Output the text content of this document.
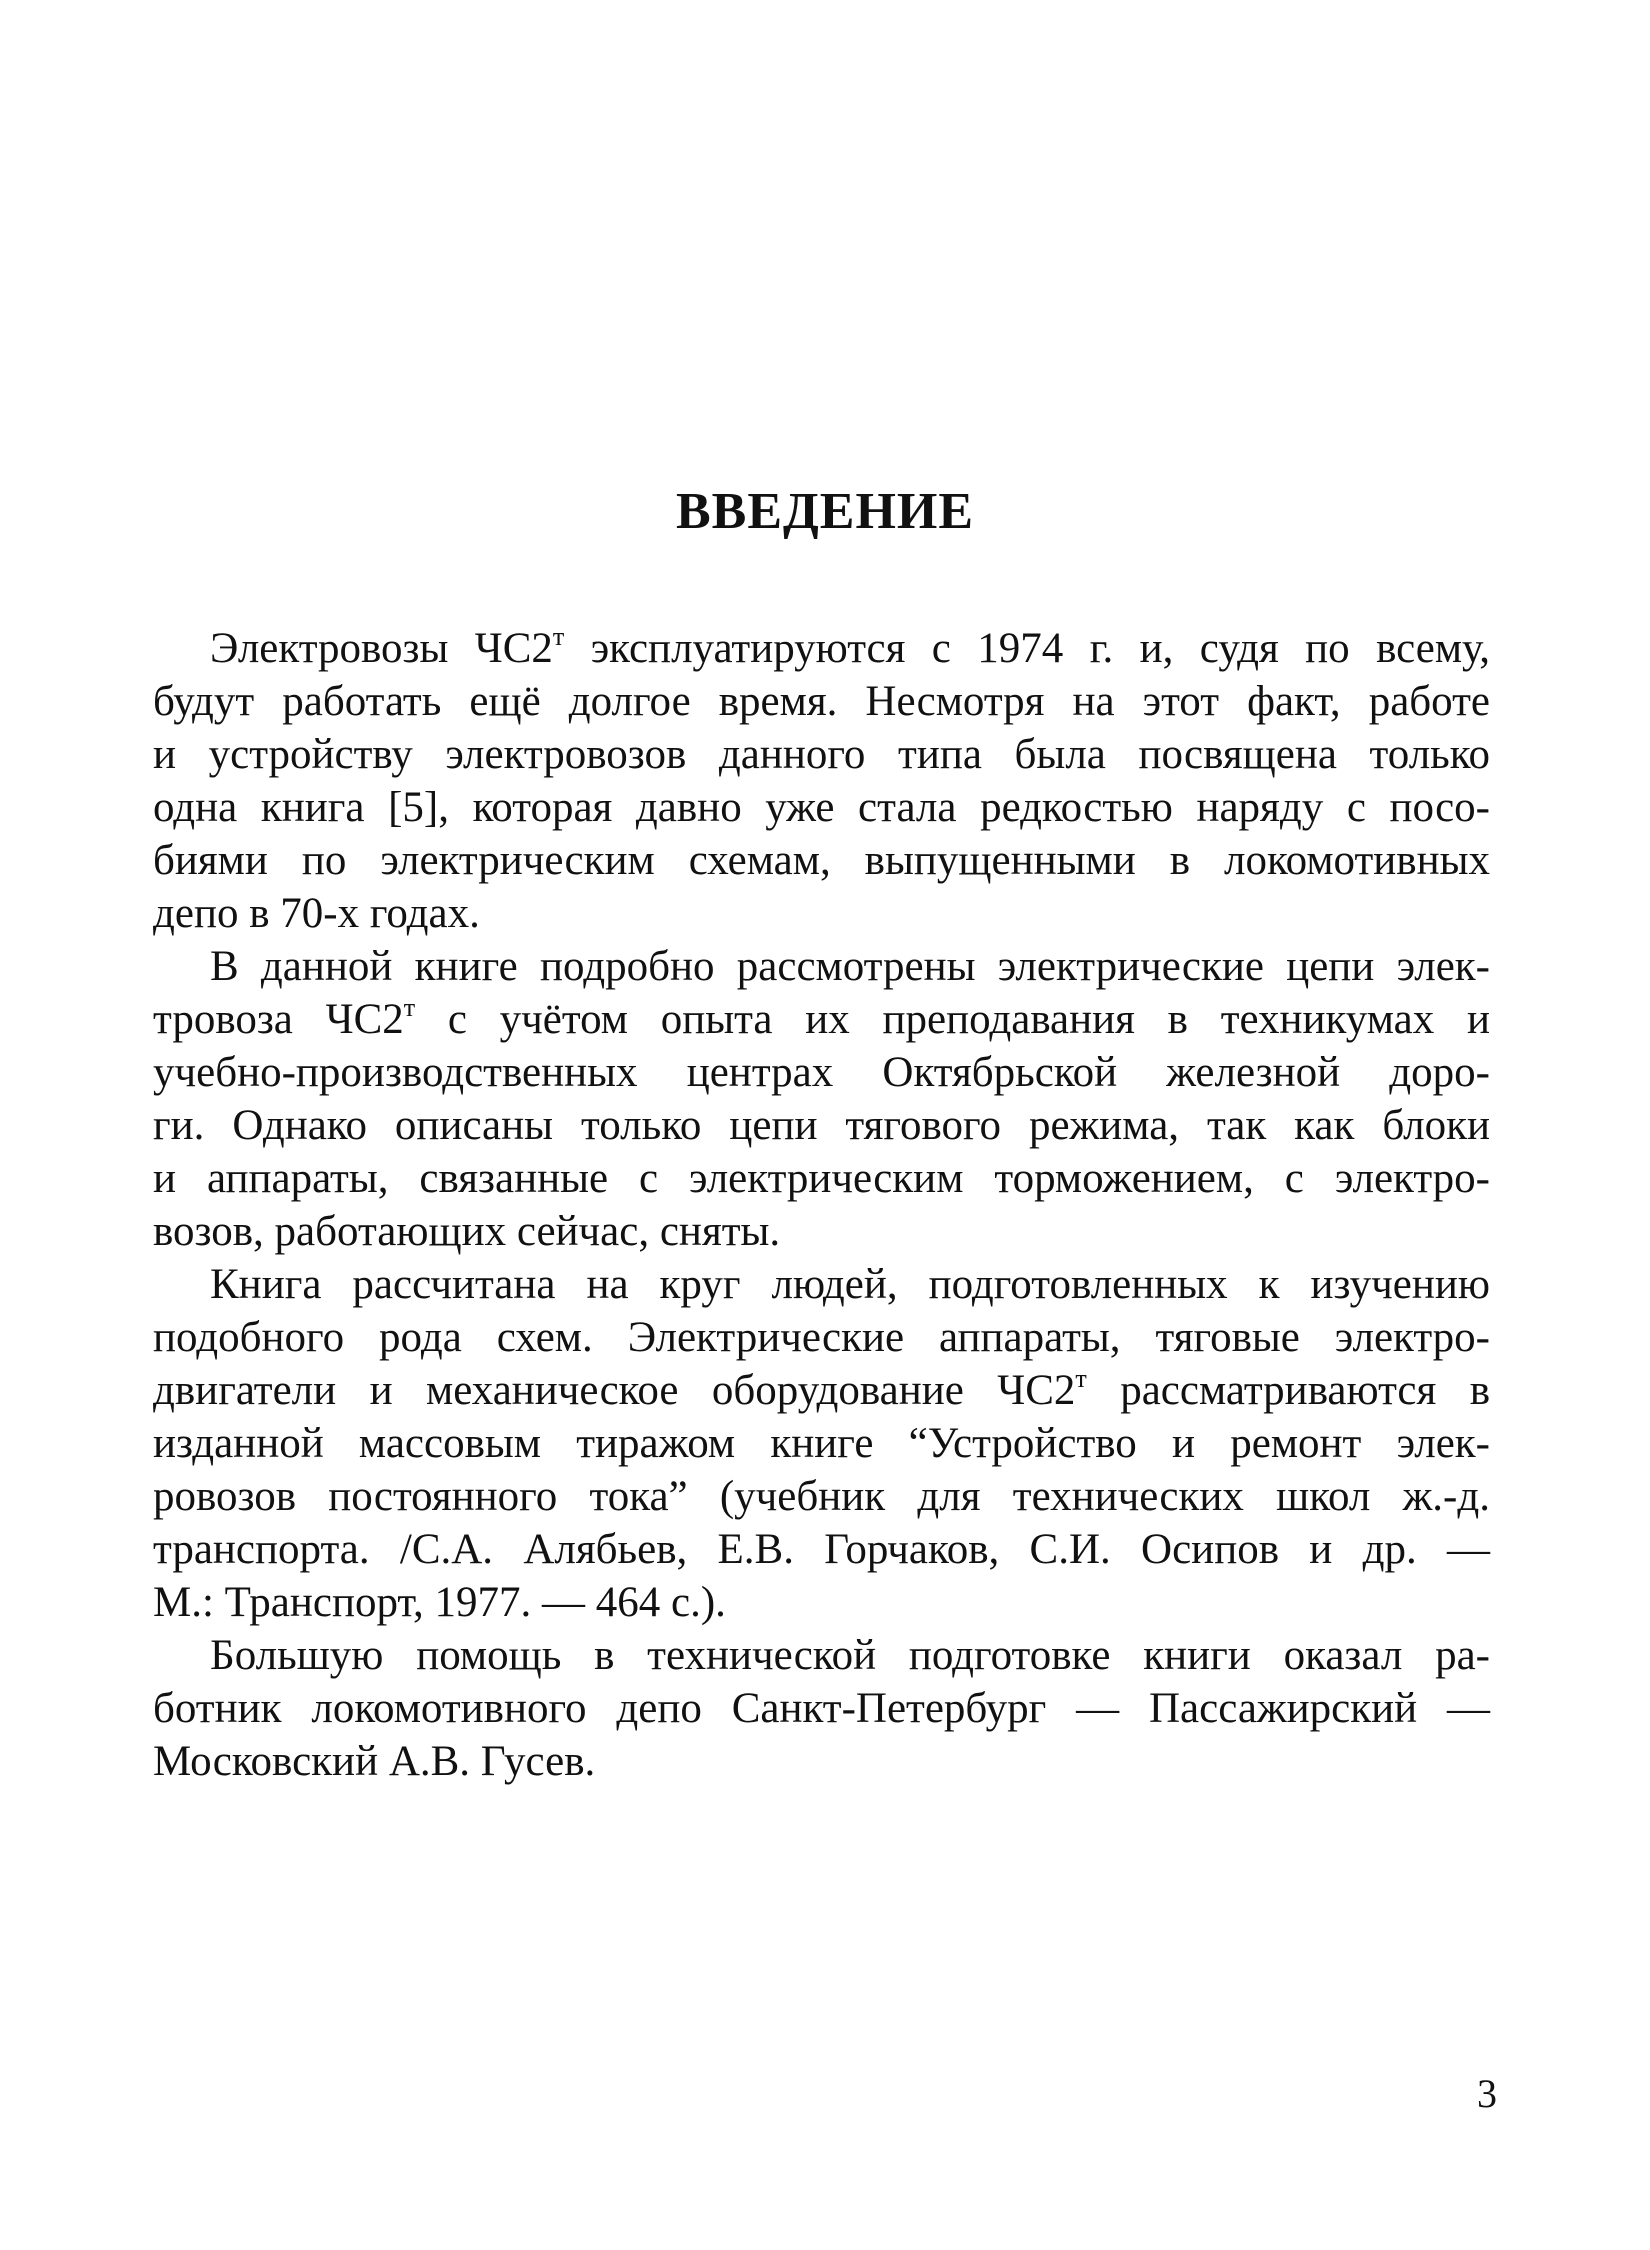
ВВЕДЕНИЕ
Электровозы $ЧС2^т$ эксплуатируются с 1974 г. и, судя по всему,
будут работать ещё долгое время. Несмотря на этот факт, работе
и устройству электровозов данного типа была посвящена только
одна книга [5], которая давно уже стала редкостью наряду с посо-
биями по электрическим схемам, выпущенными в локомотивных
депо в 70-х годах.
В данной книге подробно рассмотрены электрические цепи элек-
тровоза $ЧС2^т$ с учётом опыта их преподавания в техникумах и
учебно-производственных центрах Октябрьской железной доро-
ги. Однако описаны только цепи тягового режима, так как блоки
и аппараты, связанные с электрическим торможением, с электро-
возов, работающих сейчас, сняты.
Книга рассчитана на круг людей, подготовленных к изучению
подобного рода схем. Электрические аппараты, тяговые электро-
двигатели и механическое оборудование $ЧС2^т$ рассматриваются в
изданной массовым тиражом книге “Устройство и ремонт элек-
ровозов постоянного тока” (учебник для технических школ ж.-д.
транспорта. /С.А. Алябьев, Е.В. Горчаков, С.И. Осипов и др. —
М.: Транспорт, 1977. — 464 с.).
Большую помощь в технической подготовке книги оказал ра-
ботник локомотивного депо Санкт-Петербург — Пассажирский —
Московский А.В. Гусев.
3
